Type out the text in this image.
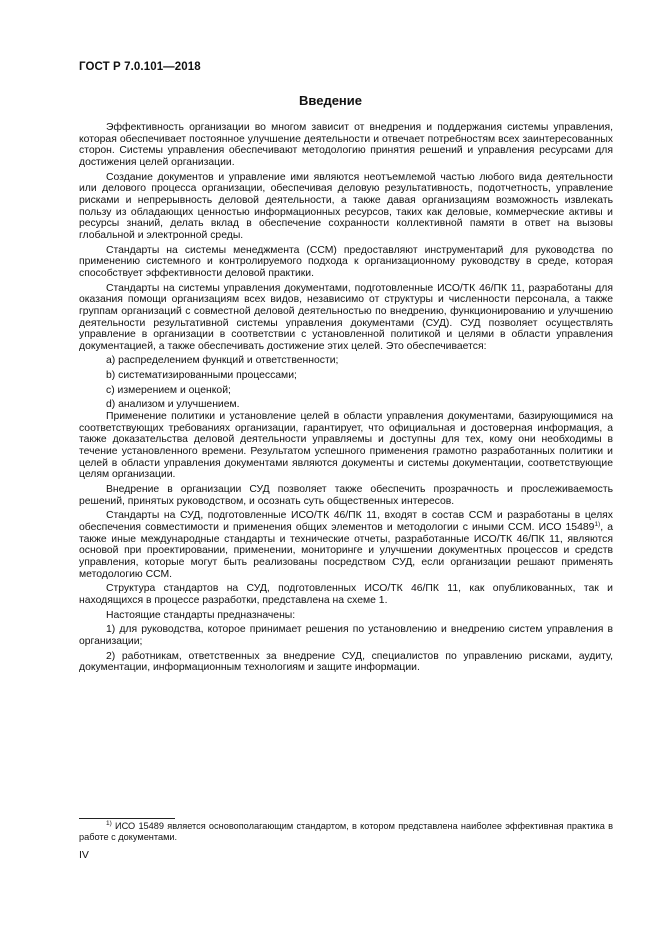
ГОСТ Р 7.0.101—2018
Введение

Эффективность организации во многом зависит от внедрения и поддержания системы управления, которая обеспечивает постоянное улучшение деятельности и отвечает потребностям всех заинтересованных сторон. Системы управления обеспечивают методологию принятия решений и управления ресурсами для достижения целей организации.

Создание документов и управление ими являются неотъемлемой частью любого вида деятельности или делового процесса организации, обеспечивая деловую результативность, подотчетность, управление рисками и непрерывность деловой деятельности, а также давая организациям возможность извлекать пользу из обладающих ценностью информационных ресурсов, таких как деловые, коммерческие активы и ресурсы знаний, делать вклад в обеспечение сохранности коллективной памяти в ответ на вызовы глобальной и электронной среды.

Стандарты на системы менеджмента (ССМ) предоставляют инструментарий для руководства по применению системного и контролируемого подхода к организационному руководству в среде, которая способствует эффективности деловой практики.

Стандарты на системы управления документами, подготовленные ИСО/ТК 46/ПК 11, разработаны для оказания помощи организациям всех видов, независимо от структуры и численности персонала, а также группам организаций с совместной деловой деятельностью по внедрению, функционированию и улучшению деятельности результативной системы управления документами (СУД). СУД позволяет осуществлять управление в организации в соответствии с установленной политикой и целями в области управления документацией, а также обеспечивать достижение этих целей. Это обеспечивается:

a) распределением функций и ответственности;

b) систематизированными процессами;

c) измерением и оценкой;

d) анализом и улучшением.

Применение политики и установление целей в области управления документами, базирующимися на соответствующих требованиях организации, гарантирует, что официальная и достоверная информация, а также доказательства деловой деятельности управляемы и доступны для тех, кому они необходимы в течение установленного времени. Результатом успешного применения грамотно разработанных политики и целей в области управления документами являются документы и системы документации, соответствующие целям организации.

Внедрение в организации СУД позволяет также обеспечить прозрачность и прослеживаемость решений, принятых руководством, и осознать суть общественных интересов.

Стандарты на СУД, подготовленные ИСО/ТК 46/ПК 11, входят в состав ССМ и разработаны в целях обеспечения совместимости и применения общих элементов и методологии с иными ССМ. ИСО 15489$^{1)}$, а также иные международные стандарты и технические отчеты, разработанные ИСО/ТК 46/ПК 11, являются основой при проектировании, применении, мониторинге и улучшении документных процессов и средств управления, которые могут быть реализованы посредством СУД, если организации решают применять методологию ССМ.

Структура стандартов на СУД, подготовленных ИСО/ТК 46/ПК 11, как опубликованных, так и находящихся в процессе разработки, представлена на схеме 1.

Настоящие стандарты предназначены:

1) для руководства, которое принимает решения по установлению и внедрению систем управления в организации;

2) работникам, ответственных за внедрение СУД, специалистов по управлению рисками, аудиту, документации, информационным технологиям и защите информации.

$^{1)}$ ИСО 15489 является основополагающим стандартом, в котором представлена наиболее эффективная практика в работе с документами.
IV
